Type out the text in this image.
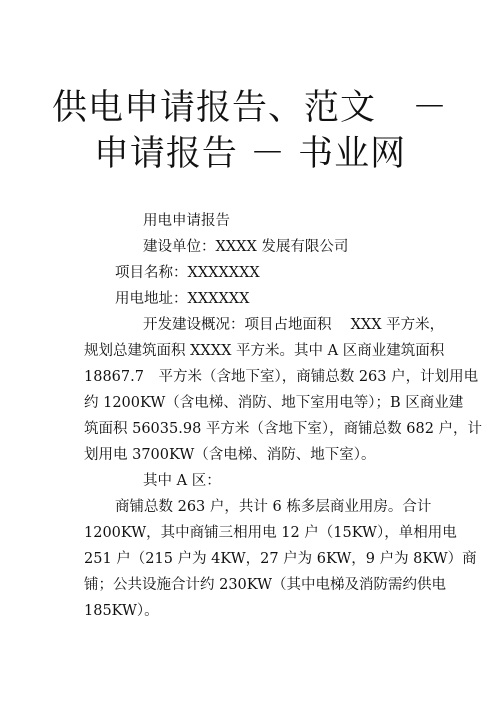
供电申请报告、范文　－
申请报告 － 书业网
用电申请报告
建设单位：XXXX 发展有限公司
项目名称：XXXXXXX
用电地址：XXXXXX
开发建设概况：项目占地面积　 XXX 平方米，
规划总建筑面积 XXXX 平方米。其中 A 区商业建筑面积
18867.7　平方米（含地下室），商铺总数 263 户，计划用电
约 1200KW（含电梯、消防、地下室用电等）；B 区商业建
筑面积 56035.98 平方米（含地下室），商铺总数 682 户，计
划用电 3700KW（含电梯、消防、地下室）。
其中 A 区：
商铺总数 263 户，共计 6 栋多层商业用房。合计
1200KW，其中商铺三相用电 12 户（15KW），单相用电
251 户（215 户为 4KW，27 户为 6KW，9 户为 8KW）商
铺；公共设施合计约 230KW（其中电梯及消防需约供电
185KW）。
